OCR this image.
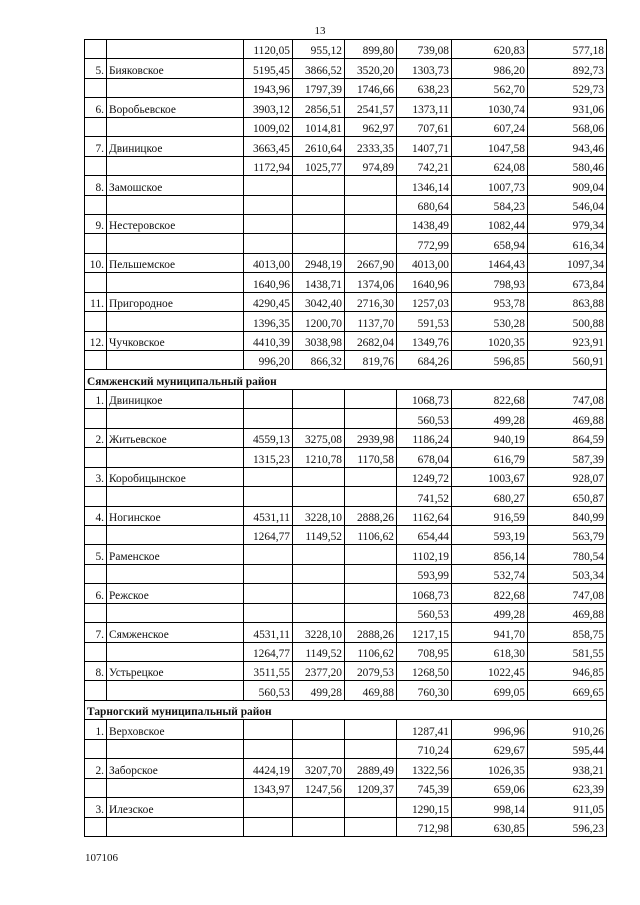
13
		1120,05	955,12	899,80	739,08	620,83	577,18
5.	Бияковское	5195,45	3866,52	3520,20	1303,73	986,20	892,73
		1943,96	1797,39	1746,66	638,23	562,70	529,73
6.	Воробьевское	3903,12	2856,51	2541,57	1373,11	1030,74	931,06
		1009,02	1014,81	962,97	707,61	607,24	568,06
7.	Двиницкое	3663,45	2610,64	2333,35	1407,71	1047,58	943,46
		1172,94	1025,77	974,89	742,21	624,08	580,46
8.	Замошское				1346,14	1007,73	909,04
					680,64	584,23	546,04
9.	Нестеровское				1438,49	1082,44	979,34
					772,99	658,94	616,34
10.	Пельшемское	4013,00	2948,19	2667,90	4013,00	1464,43	1097,34
		1640,96	1438,71	1374,06	1640,96	798,93	673,84
11.	Пригородное	4290,45	3042,40	2716,30	1257,03	953,78	863,88
		1396,35	1200,70	1137,70	591,53	530,28	500,88
12.	Чучковское	4410,39	3038,98	2682,04	1349,76	1020,35	923,91
		996,20	866,32	819,76	684,26	596,85	560,91
Сямженский муниципальный район							
1.	Двиницкое				1068,73	822,68	747,08
					560,53	499,28	469,88
2.	Житьевское	4559,13	3275,08	2939,98	1186,24	940,19	864,59
		1315,23	1210,78	1170,58	678,04	616,79	587,39
3.	Коробицынское				1249,72	1003,67	928,07
					741,52	680,27	650,87
4.	Ногинское	4531,11	3228,10	2888,26	1162,64	916,59	840,99
		1264,77	1149,52	1106,62	654,44	593,19	563,79
5.	Раменское				1102,19	856,14	780,54
					593,99	532,74	503,34
6.	Режское				1068,73	822,68	747,08
					560,53	499,28	469,88
7.	Сямженское	4531,11	3228,10	2888,26	1217,15	941,70	858,75
		1264,77	1149,52	1106,62	708,95	618,30	581,55
8.	Устьрецкое	3511,55	2377,20	2079,53	1268,50	1022,45	946,85
		560,53	499,28	469,88	760,30	699,05	669,65
Тарногский муниципальный район							
1.	Верховское				1287,41	996,96	910,26
					710,24	629,67	595,44
2.	Заборское	4424,19	3207,70	2889,49	1322,56	1026,35	938,21
		1343,97	1247,56	1209,37	745,39	659,06	623,39
3.	Илезское				1290,15	998,14	911,05
					712,98	630,85	596,23
107106
